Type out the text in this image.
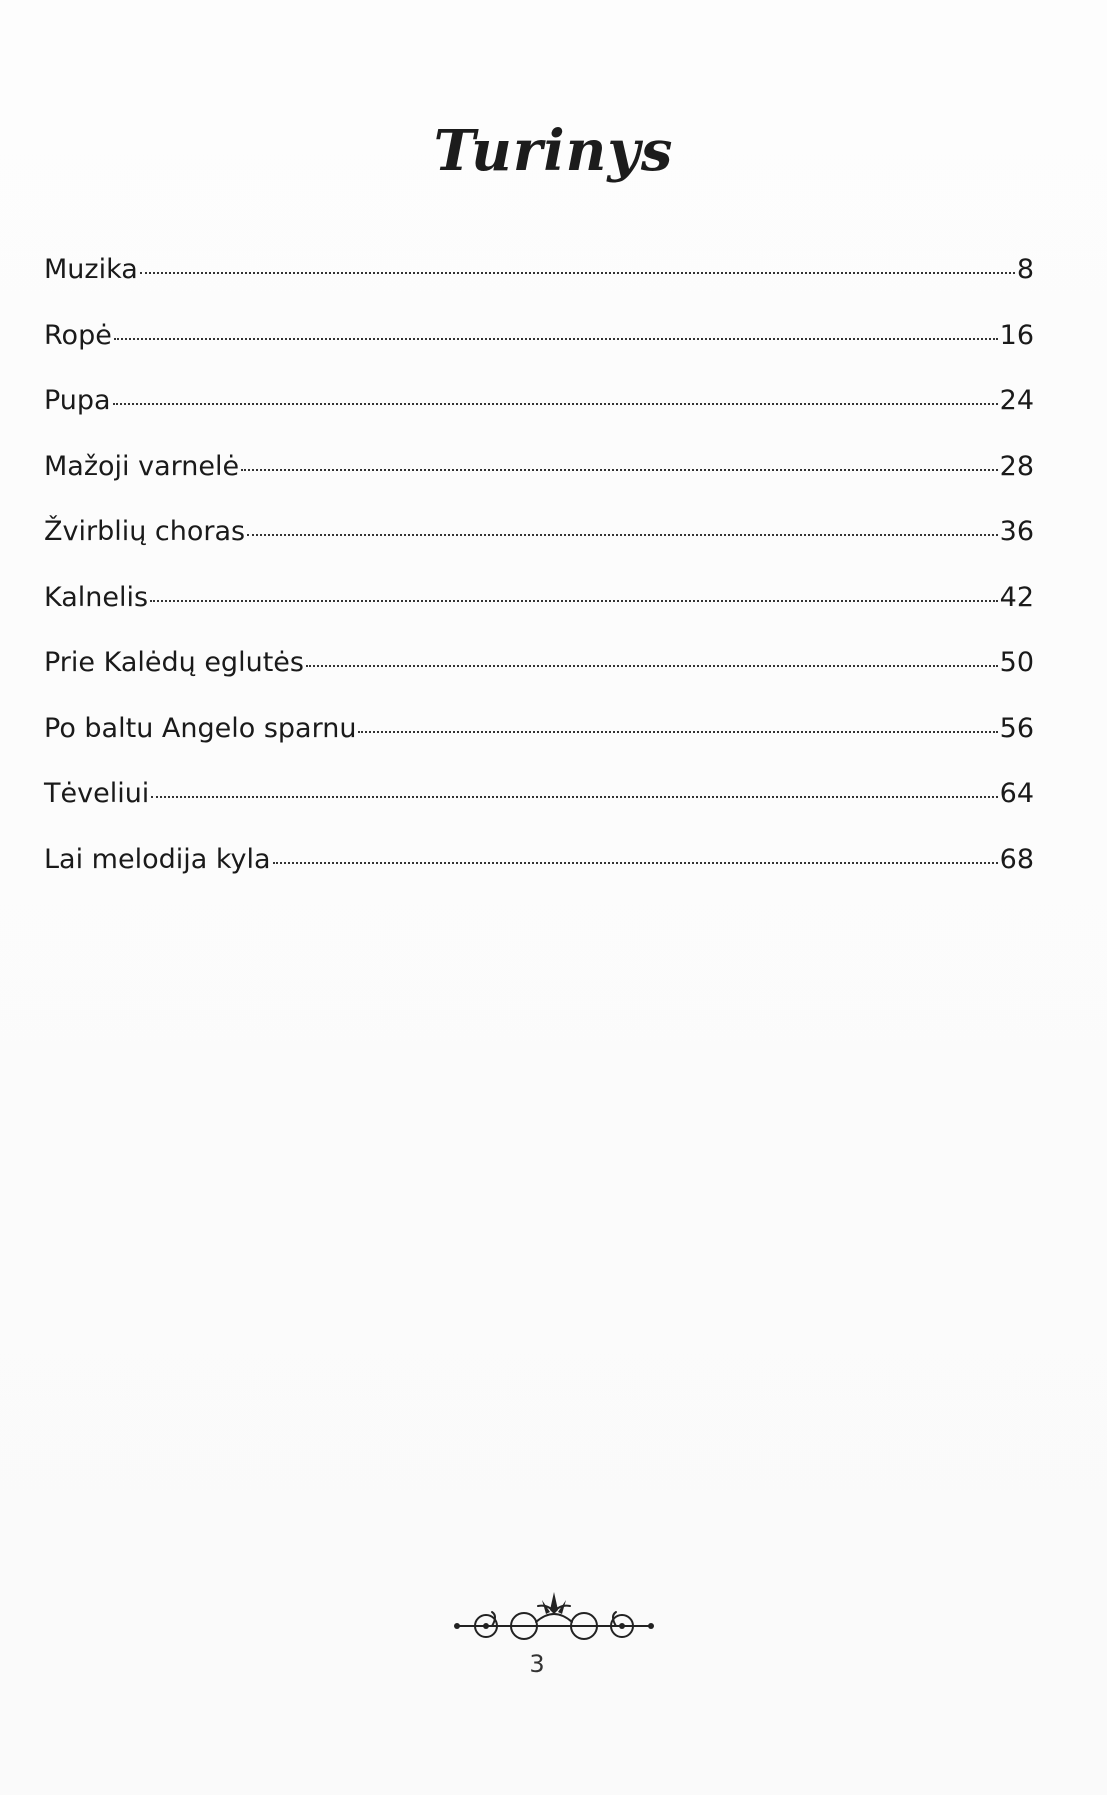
Turinys
Muzika	8
Ropė	16
Pupa	24
Mažoji varnelė	28
Žvirblių choras	36
Kalnelis	42
Prie Kalėdų eglutės	50
Po baltu Angelo sparnu	56
Tėveliui	64
Lai melodija kyla	68
3
